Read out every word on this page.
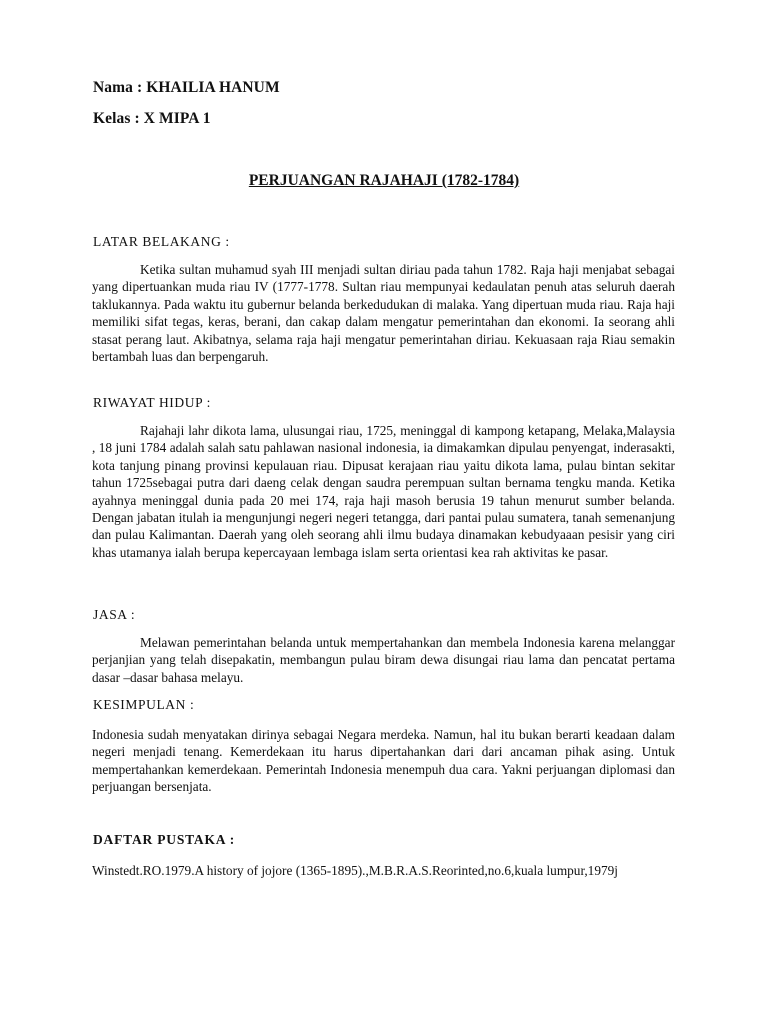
Nama : KHAILIA HANUM
Kelas : X MIPA 1
PERJUANGAN RAJAHAJI (1782-1784)
LATAR BELAKANG :

Ketika sultan muhamud syah III menjadi sultan diriau pada tahun 1782. Raja haji menjabat sebagai yang dipertuankan muda riau IV (1777-1778. Sultan riau mempunyai kedaulatan penuh atas seluruh daerah taklukannya. Pada waktu itu gubernur belanda berkedudukan di malaka. Yang dipertuan muda riau. Raja haji memiliki sifat tegas, keras, berani, dan cakap dalam mengatur pemerintahan dan ekonomi. Ia seorang ahli stasat perang laut. Akibatnya, selama raja haji mengatur pemerintahan diriau. Kekuasaan raja Riau semakin bertambah luas dan berpengaruh.

RIWAYAT HIDUP :

Rajahaji lahr dikota lama, ulusungai riau, 1725, meninggal di kampong ketapang, Melaka,Malaysia , 18 juni 1784 adalah salah satu pahlawan nasional indonesia, ia dimakamkan dipulau penyengat, inderasakti, kota tanjung pinang provinsi kepulauan riau. Dipusat kerajaan riau yaitu dikota lama, pulau bintan sekitar tahun 1725sebagai putra dari daeng celak dengan saudra perempuan sultan bernama tengku manda. Ketika ayahnya meninggal dunia pada 20 mei 174, raja haji masoh berusia 19 tahun menurut sumber belanda. Dengan jabatan itulah ia mengunjungi negeri negeri tetangga, dari pantai pulau sumatera, tanah semenanjung dan pulau Kalimantan. Daerah yang oleh seorang ahli ilmu budaya dinamakan kebudyaaan pesisir yang ciri khas utamanya ialah berupa kepercayaan lembaga islam serta orientasi kea rah aktivitas ke pasar.

JASA :

Melawan pemerintahan belanda untuk mempertahankan dan membela Indonesia karena melanggar perjanjian yang telah disepakatin, membangun pulau biram dewa disungai riau lama dan pencatat pertama dasar –dasar bahasa melayu.

KESIMPULAN :

Indonesia sudah menyatakan dirinya sebagai Negara merdeka. Namun, hal itu bukan berarti keadaan dalam negeri menjadi tenang. Kemerdekaan itu harus dipertahankan dari dari ancaman pihak asing. Untuk mempertahankan kemerdekaan. Pemerintah Indonesia menempuh dua cara. Yakni perjuangan diplomasi dan perjuangan bersenjata.

DAFTAR PUSTAKA :

Winstedt.RO.1979.A history of jojore (1365-1895).,M.B.R.A.S.Reorinted,no.6,kuala lumpur,1979j
